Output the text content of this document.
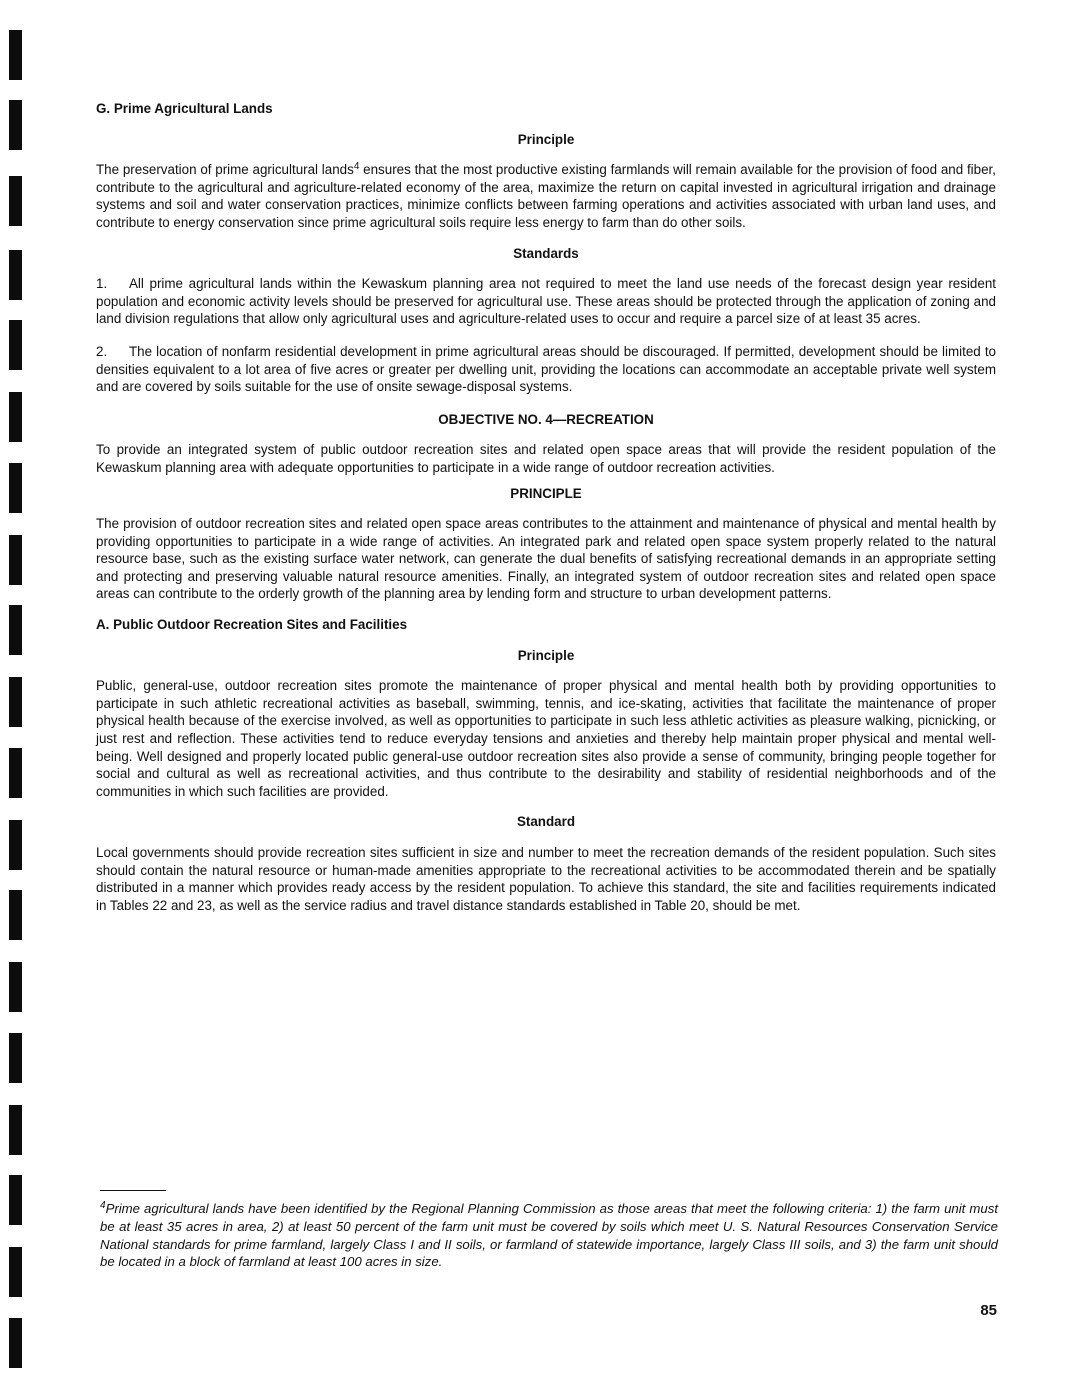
G. Prime Agricultural Lands
Principle

The preservation of prime agricultural lands$^4$ ensures that the most productive existing farmlands will remain available for the provision of food and fiber, contribute to the agricultural and agriculture-related economy of the area, maximize the return on capital invested in agricultural irrigation and drainage systems and soil and water conservation practices, minimize conflicts between farming operations and activities associated with urban land uses, and contribute to energy conservation since prime agricultural soils require less energy to farm than do other soils.

Standards

1. All prime agricultural lands within the Kewaskum planning area not required to meet the land use needs of the forecast design year resident population and economic activity levels should be preserved for agricultural use. These areas should be protected through the application of zoning and land division regulations that allow only agricultural uses and agriculture-related uses to occur and require a parcel size of at least 35 acres.

2. The location of nonfarm residential development in prime agricultural areas should be discouraged. If permitted, development should be limited to densities equivalent to a lot area of five acres or greater per dwelling unit, providing the locations can accommodate an acceptable private well system and are covered by soils suitable for the use of onsite sewage-disposal systems.

OBJECTIVE NO. 4—RECREATION

To provide an integrated system of public outdoor recreation sites and related open space areas that will provide the resident population of the Kewaskum planning area with adequate opportunities to participate in a wide range of outdoor recreation activities.

PRINCIPLE

The provision of outdoor recreation sites and related open space areas contributes to the attainment and maintenance of physical and mental health by providing opportunities to participate in a wide range of activities. An integrated park and related open space system properly related to the natural resource base, such as the existing surface water network, can generate the dual benefits of satisfying recreational demands in an appropriate setting and protecting and preserving valuable natural resource amenities. Finally, an integrated system of outdoor recreation sites and related open space areas can contribute to the orderly growth of the planning area by lending form and structure to urban development patterns.

A. Public Outdoor Recreation Sites and Facilities
Principle

Public, general-use, outdoor recreation sites promote the maintenance of proper physical and mental health both by providing opportunities to participate in such athletic recreational activities as baseball, swimming, tennis, and ice-skating, activities that facilitate the maintenance of proper physical health because of the exercise involved, as well as opportunities to participate in such less athletic activities as pleasure walking, picnicking, or just rest and reflection. These activities tend to reduce everyday tensions and anxieties and thereby help maintain proper physical and mental well-being. Well designed and properly located public general-use outdoor recreation sites also provide a sense of community, bringing people together for social and cultural as well as recreational activities, and thus contribute to the desirability and stability of residential neighborhoods and of the communities in which such facilities are provided.

Standard

Local governments should provide recreation sites sufficient in size and number to meet the recreation demands of the resident population. Such sites should contain the natural resource or human-made amenities appropriate to the recreational activities to be accommodated therein and be spatially distributed in a manner which provides ready access by the resident population. To achieve this standard, the site and facilities requirements indicated in Tables 22 and 23, as well as the service radius and travel distance standards established in Table 20, should be met.

$^4$Prime agricultural lands have been identified by the Regional Planning Commission as those areas that meet the following criteria: 1) the farm unit must be at least 35 acres in area, 2) at least 50 percent of the farm unit must be covered by soils which meet U. S. Natural Resources Conservation Service National standards for prime farmland, largely Class I and II soils, or farmland of statewide importance, largely Class III soils, and 3) the farm unit should be located in a block of farmland at least 100 acres in size.
85
